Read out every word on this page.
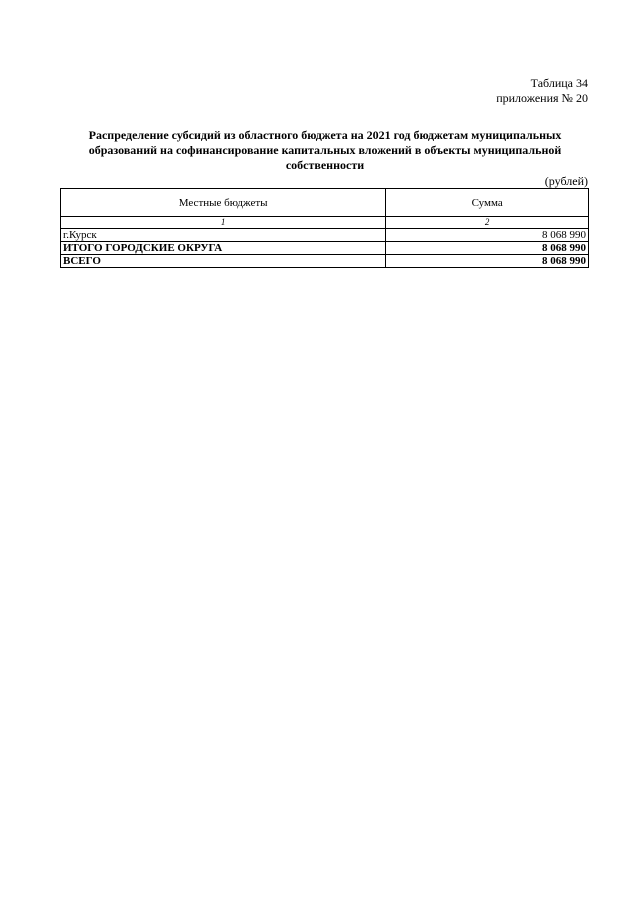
Таблица 34
приложения № 20
Распределение субсидий из областного бюджета на 2021 год бюджетам муниципальных
образований на софинансирование капитальных вложений в объекты муниципальной
собственности
(рублей)
Местные бюджеты	Сумма
1	2
г.Курск	8 068 990
ИТОГО ГОРОДСКИЕ ОКРУГА	8 068 990
ВСЕГО	8 068 990
